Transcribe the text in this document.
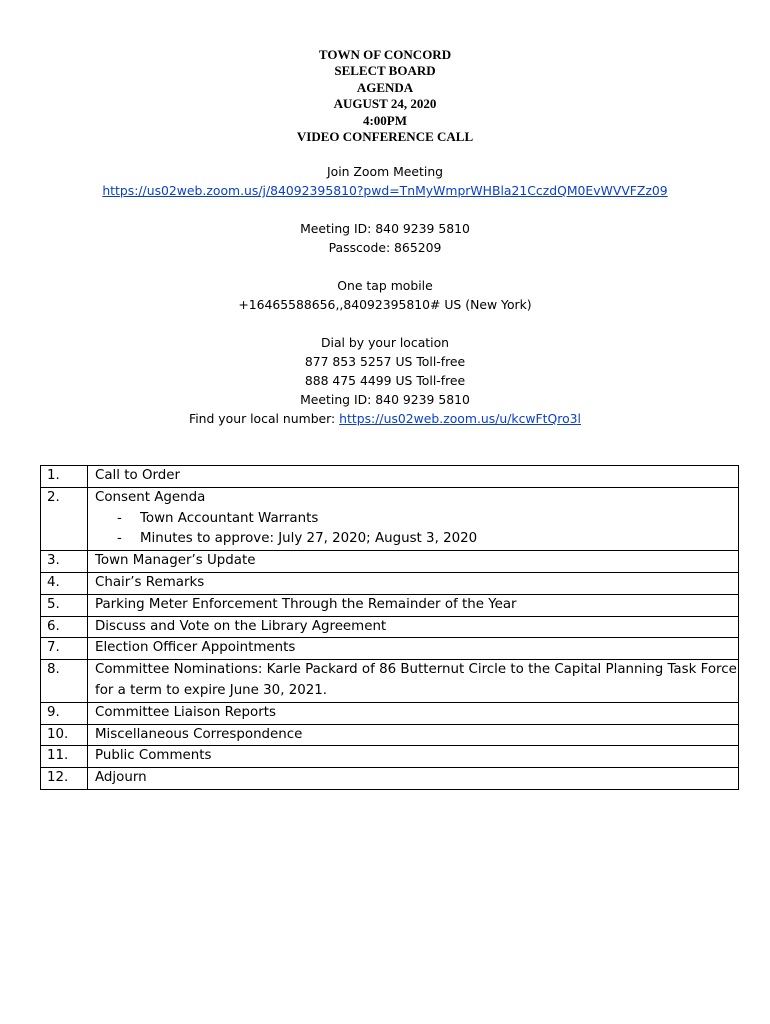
TOWN OF CONCORD
SELECT BOARD
AGENDA
AUGUST 24, 2020
4:00PM
VIDEO CONFERENCE CALL
Join Zoom Meeting
https://us02web.zoom.us/j/84092395810?pwd=TnMyWmprWHBla21CczdQM0EvWVVFZz09
Meeting ID: 840 9239 5810
Passcode: 865209
One tap mobile
+16465588656,,84092395810# US (New York)
Dial by your location
877 853 5257 US Toll-free
888 475 4499 US Toll-free
Meeting ID: 840 9239 5810
Find your local number: https://us02web.zoom.us/u/kcwFtQro3l
1.	Call to Order
2.	Consent Agenda
- Town Accountant Warrants
- Minutes to approve: July 27, 2020; August 3, 2020

3.	Town Manager’s Update
4.	Chair’s Remarks
5.	Parking Meter Enforcement Through the Remainder of the Year
6.	Discuss and Vote on the Library Agreement
7.	Election Officer Appointments
8.	Committee Nominations: Karle Packard of 86 Butternut Circle to the Capital Planning Task Force for a term to expire June 30, 2021.
9.	Committee Liaison Reports
10.	Miscellaneous Correspondence
11.	Public Comments
12.	Adjourn
